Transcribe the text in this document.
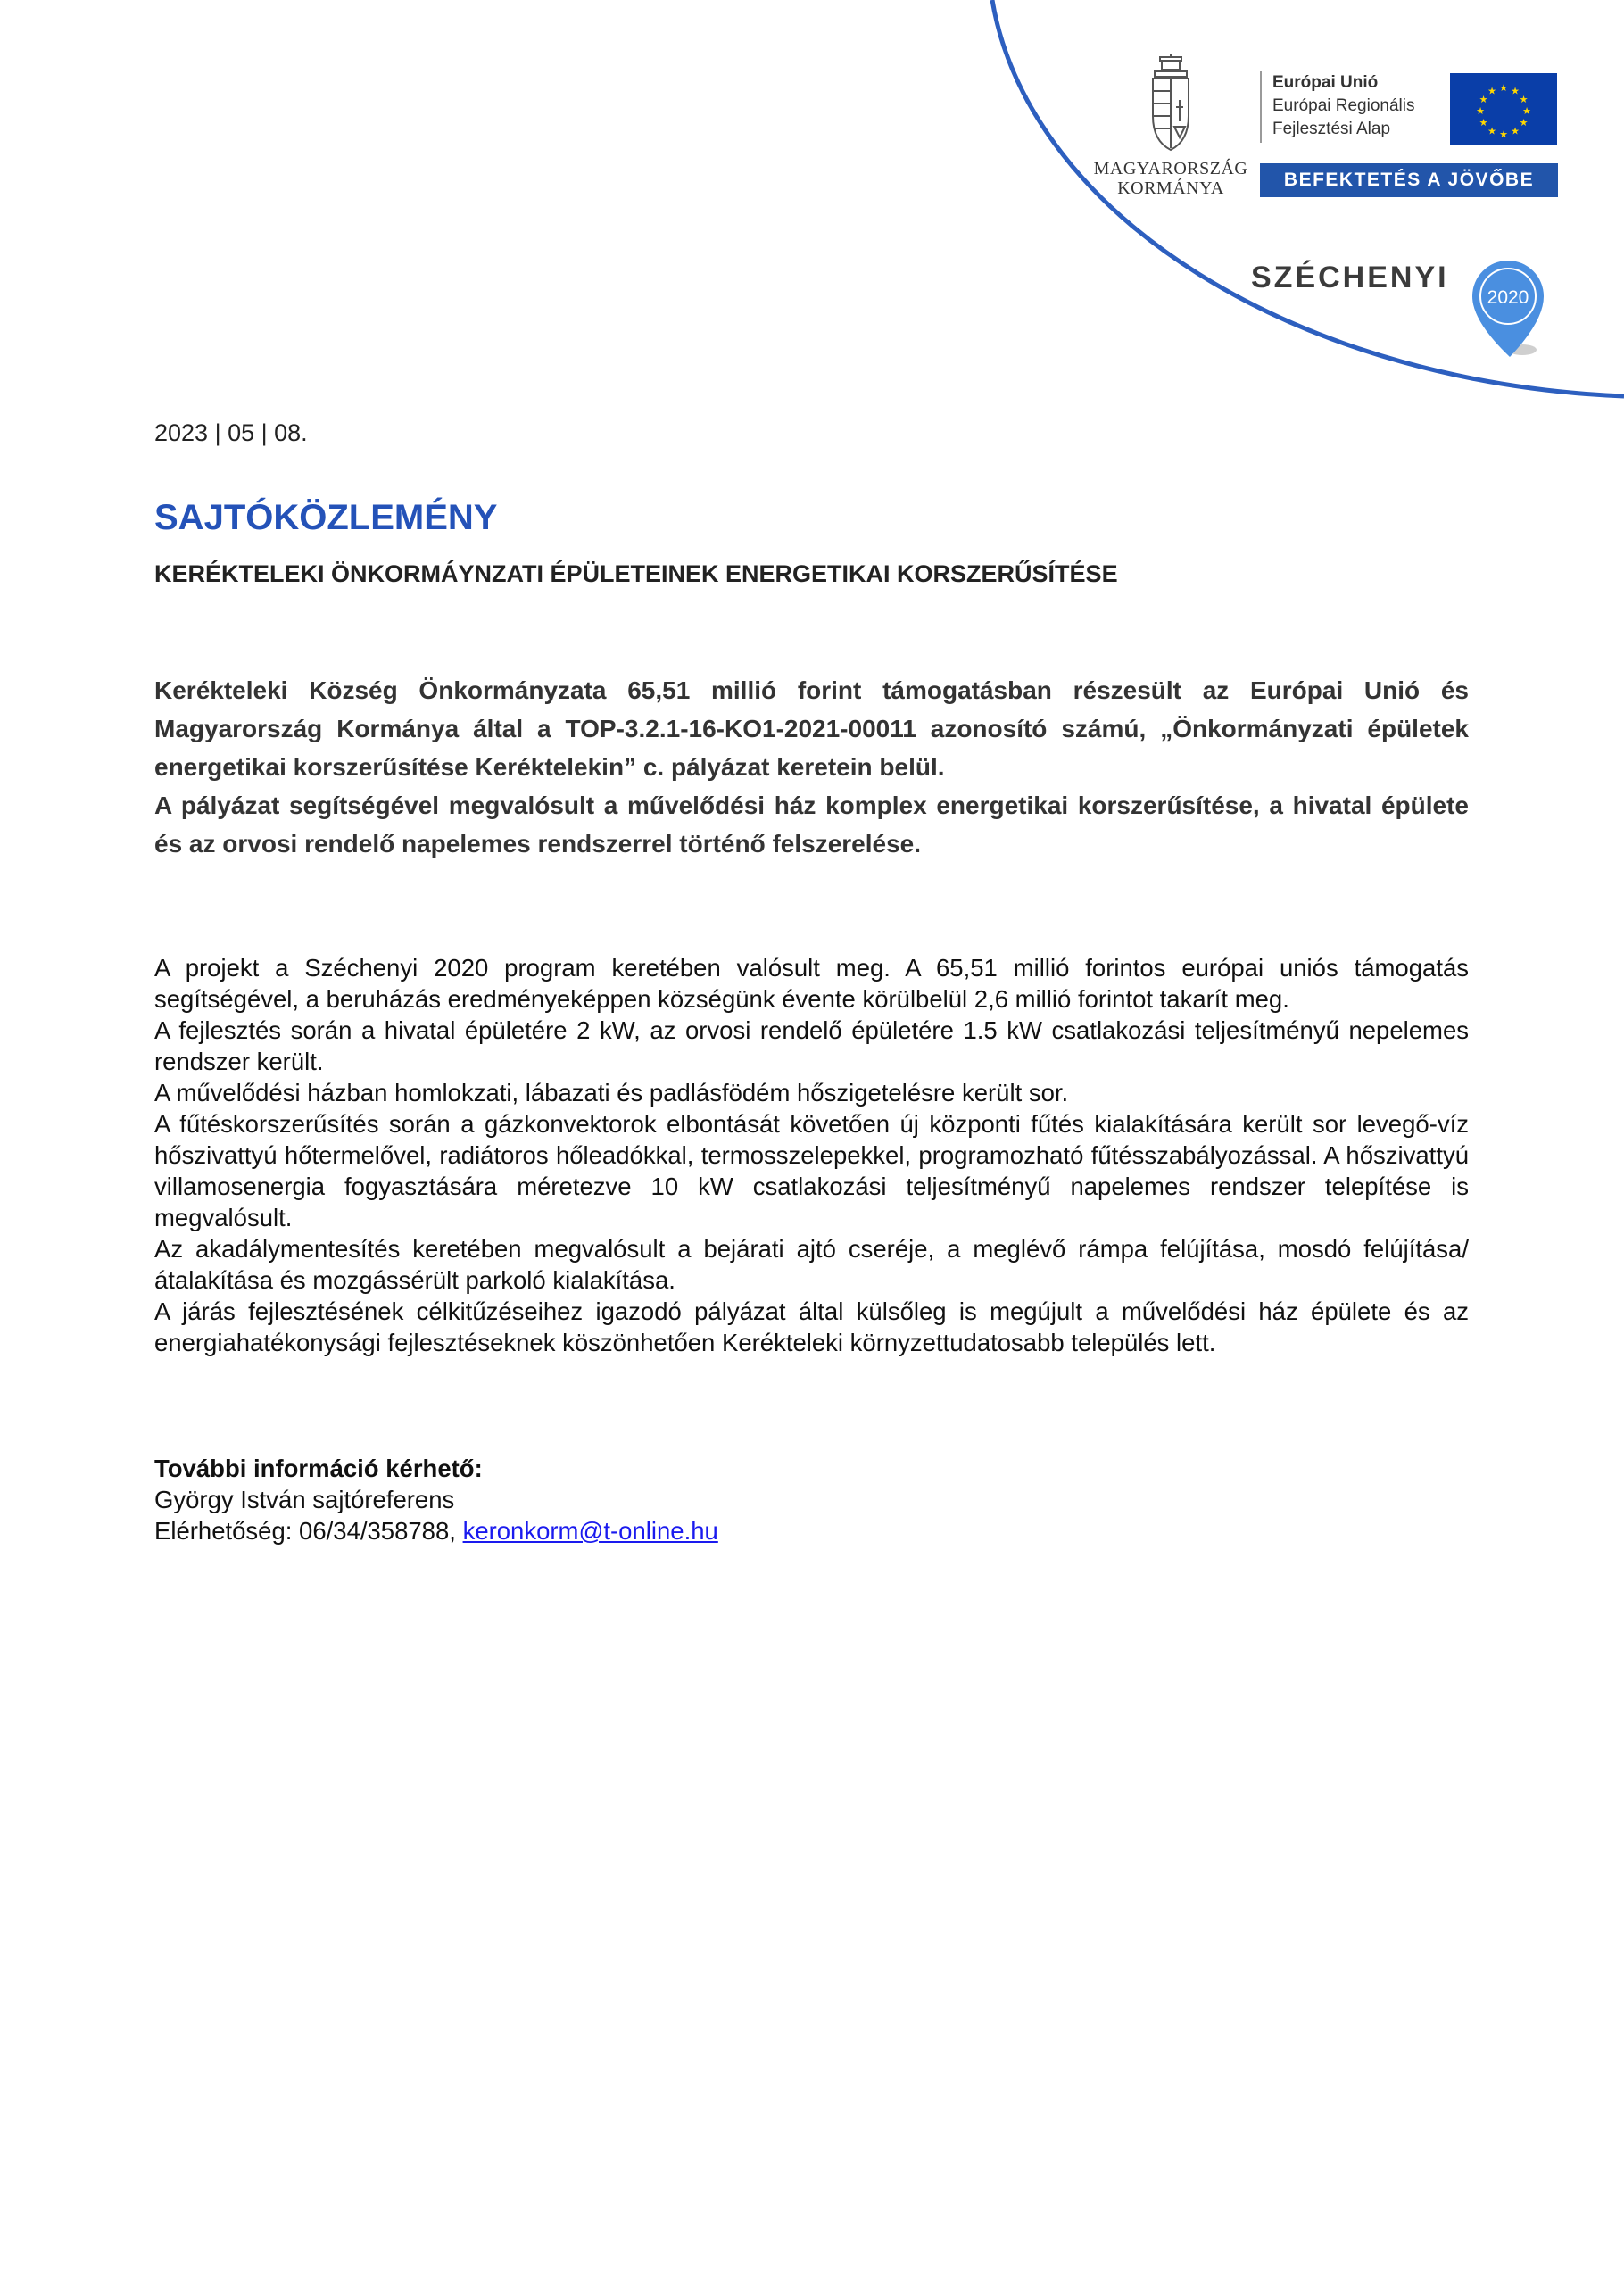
MAGYARORSZÁG
KORMÁNYA
Európai Unió
Európai Regionális
Fejlesztési Alap
★ ★
★
★
★
★
★
★
★
★
★
★
BEFEKTETÉS A JÖVŐBE
SZÉCHENYI
2020
2023 | 05 | 08.
SAJTÓKÖZLEMÉNY
KERÉKTELEKI ÖNKORMÁYNZATI ÉPÜLETEINEK ENERGETIKAI KORSZERŰSÍTÉSE

Kerékteleki Község Önkormányzata 65,51 millió forint támogatásban részesült az Európai Unió és Magyarország Kormánya által a TOP-3.2.1-16-KO1-2021-00011 azonosító számú, „Önkormányzati épületek energetikai korszerűsítése Keréktelekin” c. pályázat keretein belül.

A pályázat segítségével megvalósult a művelődési ház komplex energetikai korszerűsítése, a hivatal épülete és az orvosi rendelő napelemes rendszerrel történő felszerelése.

A projekt a Széchenyi 2020 program keretében valósult meg. A 65,51 millió forintos európai uniós támogatás segítségével, a beruházás eredményeképpen községünk évente körülbelül 2,6 millió forintot takarít meg.

A fejlesztés során a hivatal épületére 2 kW, az orvosi rendelő épületére 1.5 kW csatlakozási teljesítményű nepelemes rendszer került.

A művelődési házban homlokzati, lábazati és padlásfödém hőszigetelésre került sor.

A fűtéskorszerűsítés során a gázkonvektorok elbontását követően új központi fűtés kialakítására került sor levegő-víz hőszivattyú hőtermelővel, radiátoros hőleadókkal, termosszelepekkel, programozható fűtésszabályozással. A hőszivattyú villamosenergia fogyasztására méretezve 10 kW csatlakozási teljesítményű napelemes rendszer telepítése is megvalósult.

Az akadálymentesítés keretében megvalósult a bejárati ajtó cseréje, a meglévő rámpa felújítása, mosdó felújítása/átalakítása és mozgássérült parkoló kialakítása.

A járás fejlesztésének célkitűzéseihez igazodó pályázat által külsőleg is megújult a művelődési ház épülete és az energiahatékonysági fejlesztéseknek köszönhetően Kerékteleki környzettudatosabb település lett.

További információ kérhető:
György István sajtóreferens
Elérhetőség: 06/34/358788, keronkorm@t-online.hu
